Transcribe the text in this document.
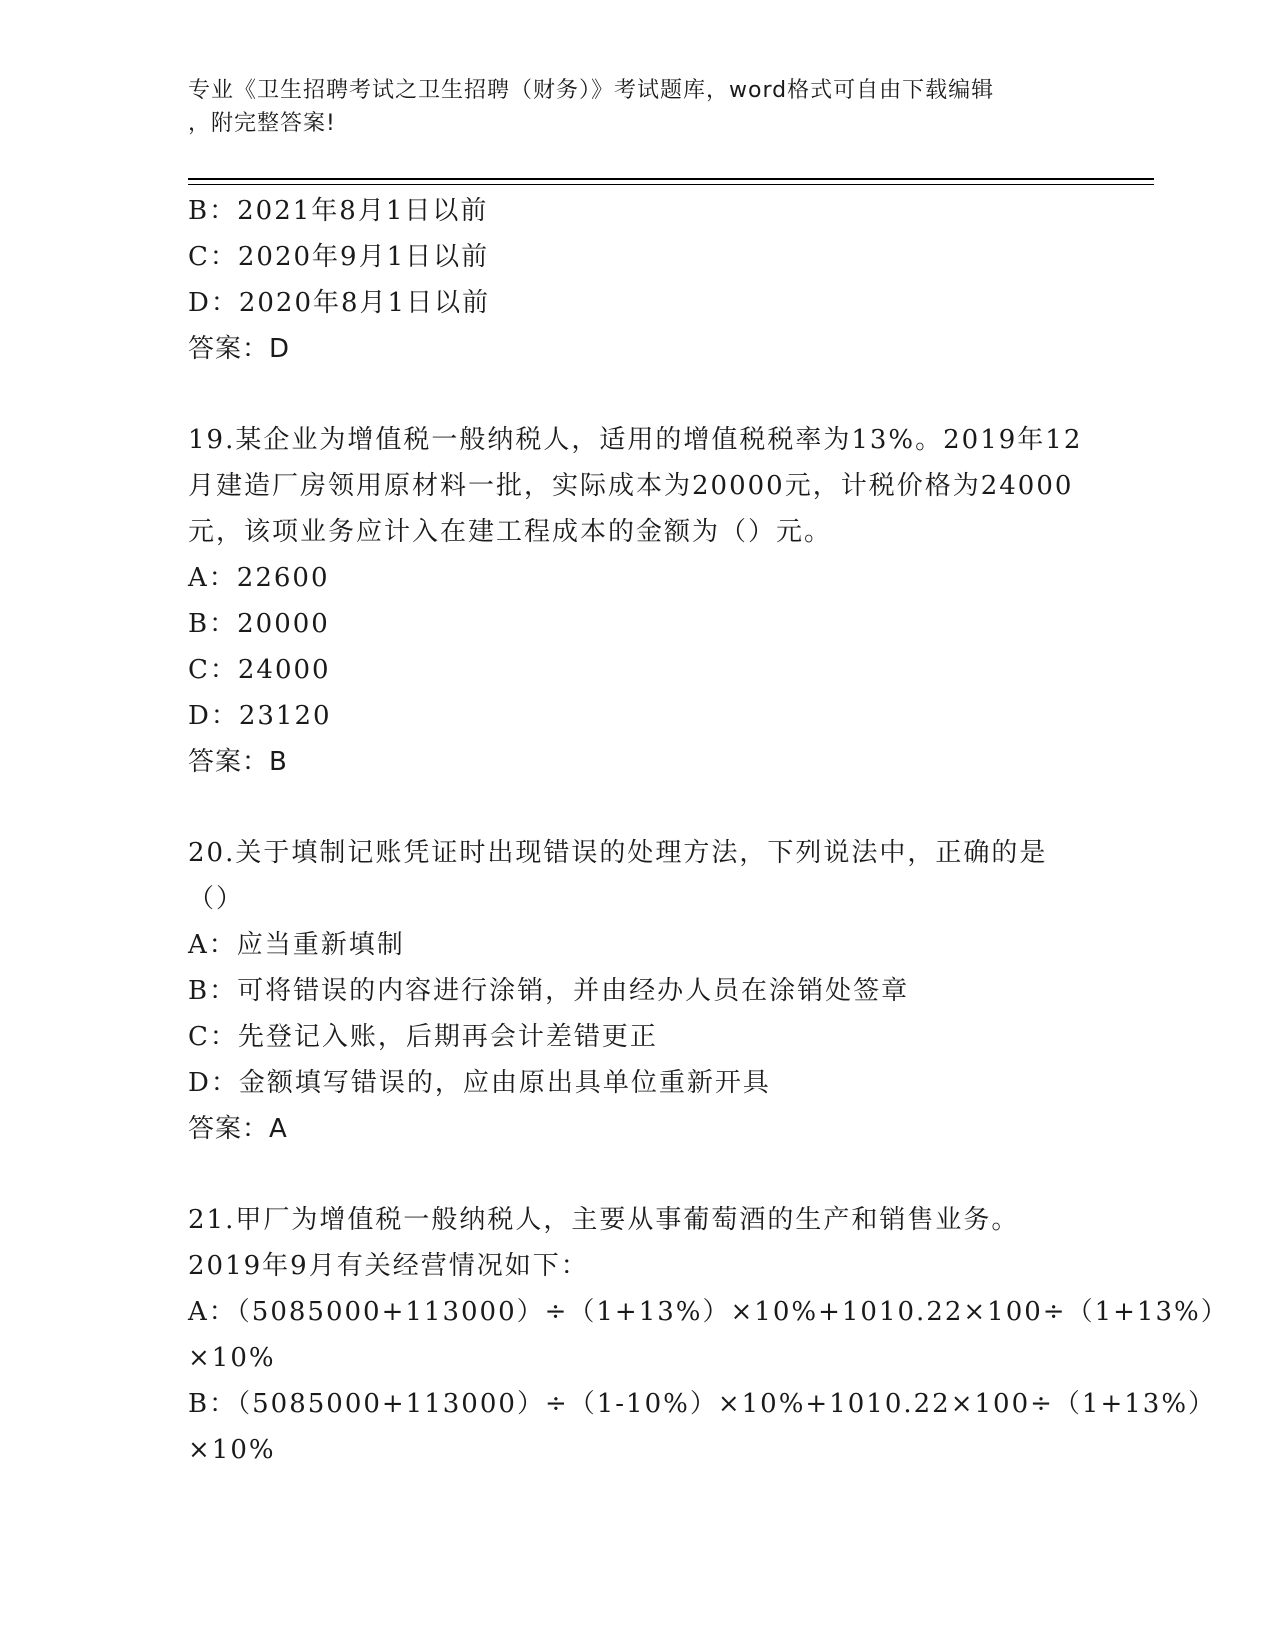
专业《卫生招聘考试之卫生招聘（财务）》考试题库，word格式可自由下载编辑
，附完整答案!
B：2021年8月1日以前
C：2020年9月1日以前
D：2020年8月1日以前
答案：D
19.某企业为增值税一般纳税人，适用的增值税税率为13%。2019年12
月建造厂房领用原材料一批，实际成本为20000元，计税价格为24000
元，该项业务应计入在建工程成本的金额为（）元。
A：22600
B：20000
C：24000
D：23120
答案：B
20.关于填制记账凭证时出现错误的处理方法，下列说法中，正确的是
（）
A：应当重新填制
B：可将错误的内容进行涂销，并由经办人员在涂销处签章
C：先登记入账，后期再会计差错更正
D：金额填写错误的，应由原出具单位重新开具
答案：A
21.甲厂为增值税一般纳税人，主要从事葡萄酒的生产和销售业务。
2019年9月有关经营情况如下：
A：（5085000+113000）÷（1+13%）×10%+1010.22×100÷（1+13%）
×10%
B：（5085000+113000）÷（1-10%）×10%+1010.22×100÷（1+13%）
×10%
